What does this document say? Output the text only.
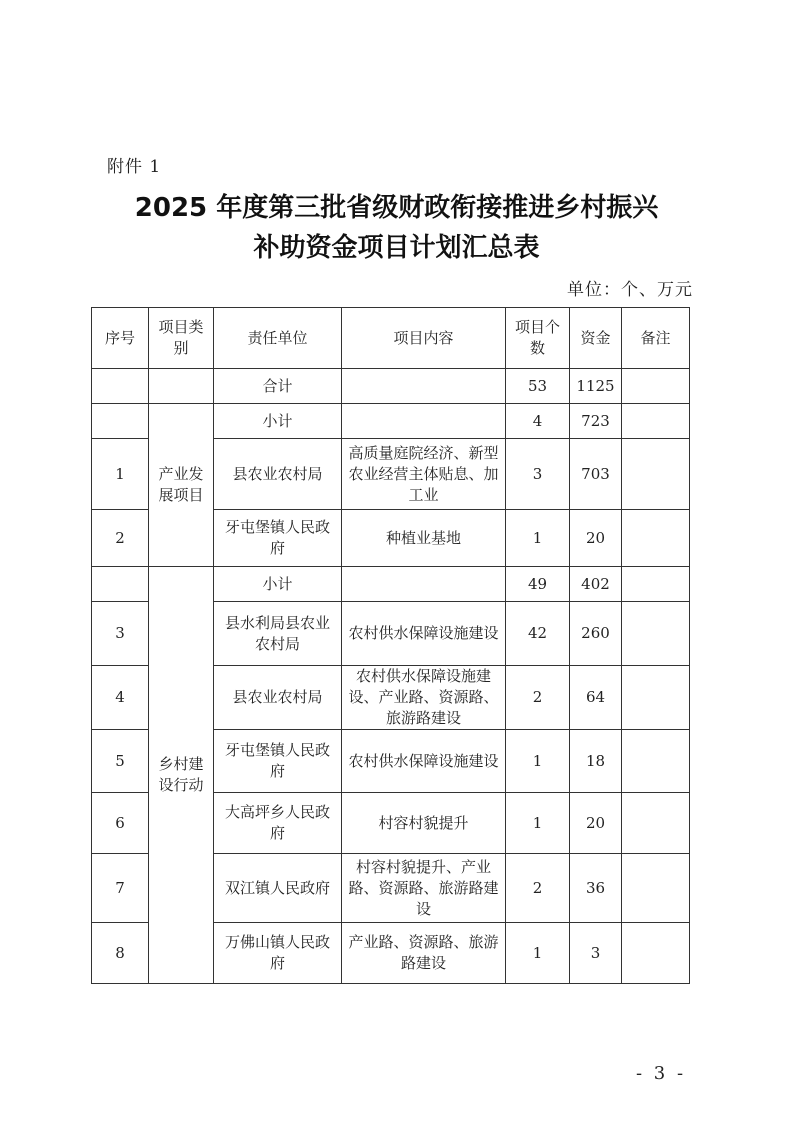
附件 1
2025 年度第三批省级财政衔接推进乡村振兴
补助资金项目计划汇总表
单位：个、万元
序号	项目类别	责任单位	项目内容	项目个数	资金	备注
		合计		53	1125	
	产业发展项目	小计		4	723	
1		县农业农村局	高质量庭院经济、新型农业经营主体贴息、加工业	3	703	
2		牙屯堡镇人民政府	种植业基地	1	20	
	乡村建设行动	小计		49	402	
3		县水利局县农业农村局	农村供水保障设施建设	42	260	
4		县农业农村局	农村供水保障设施建设、产业路、资源路、旅游路建设	2	64	
5		牙屯堡镇人民政府	农村供水保障设施建设	1	18	
6		大高坪乡人民政府	村容村貌提升	1	20	
7		双江镇人民政府	村容村貌提升、产业路、资源路、旅游路建设	2	36	
8		万佛山镇人民政府	产业路、资源路、旅游路建设	1	3	
- 3 -
